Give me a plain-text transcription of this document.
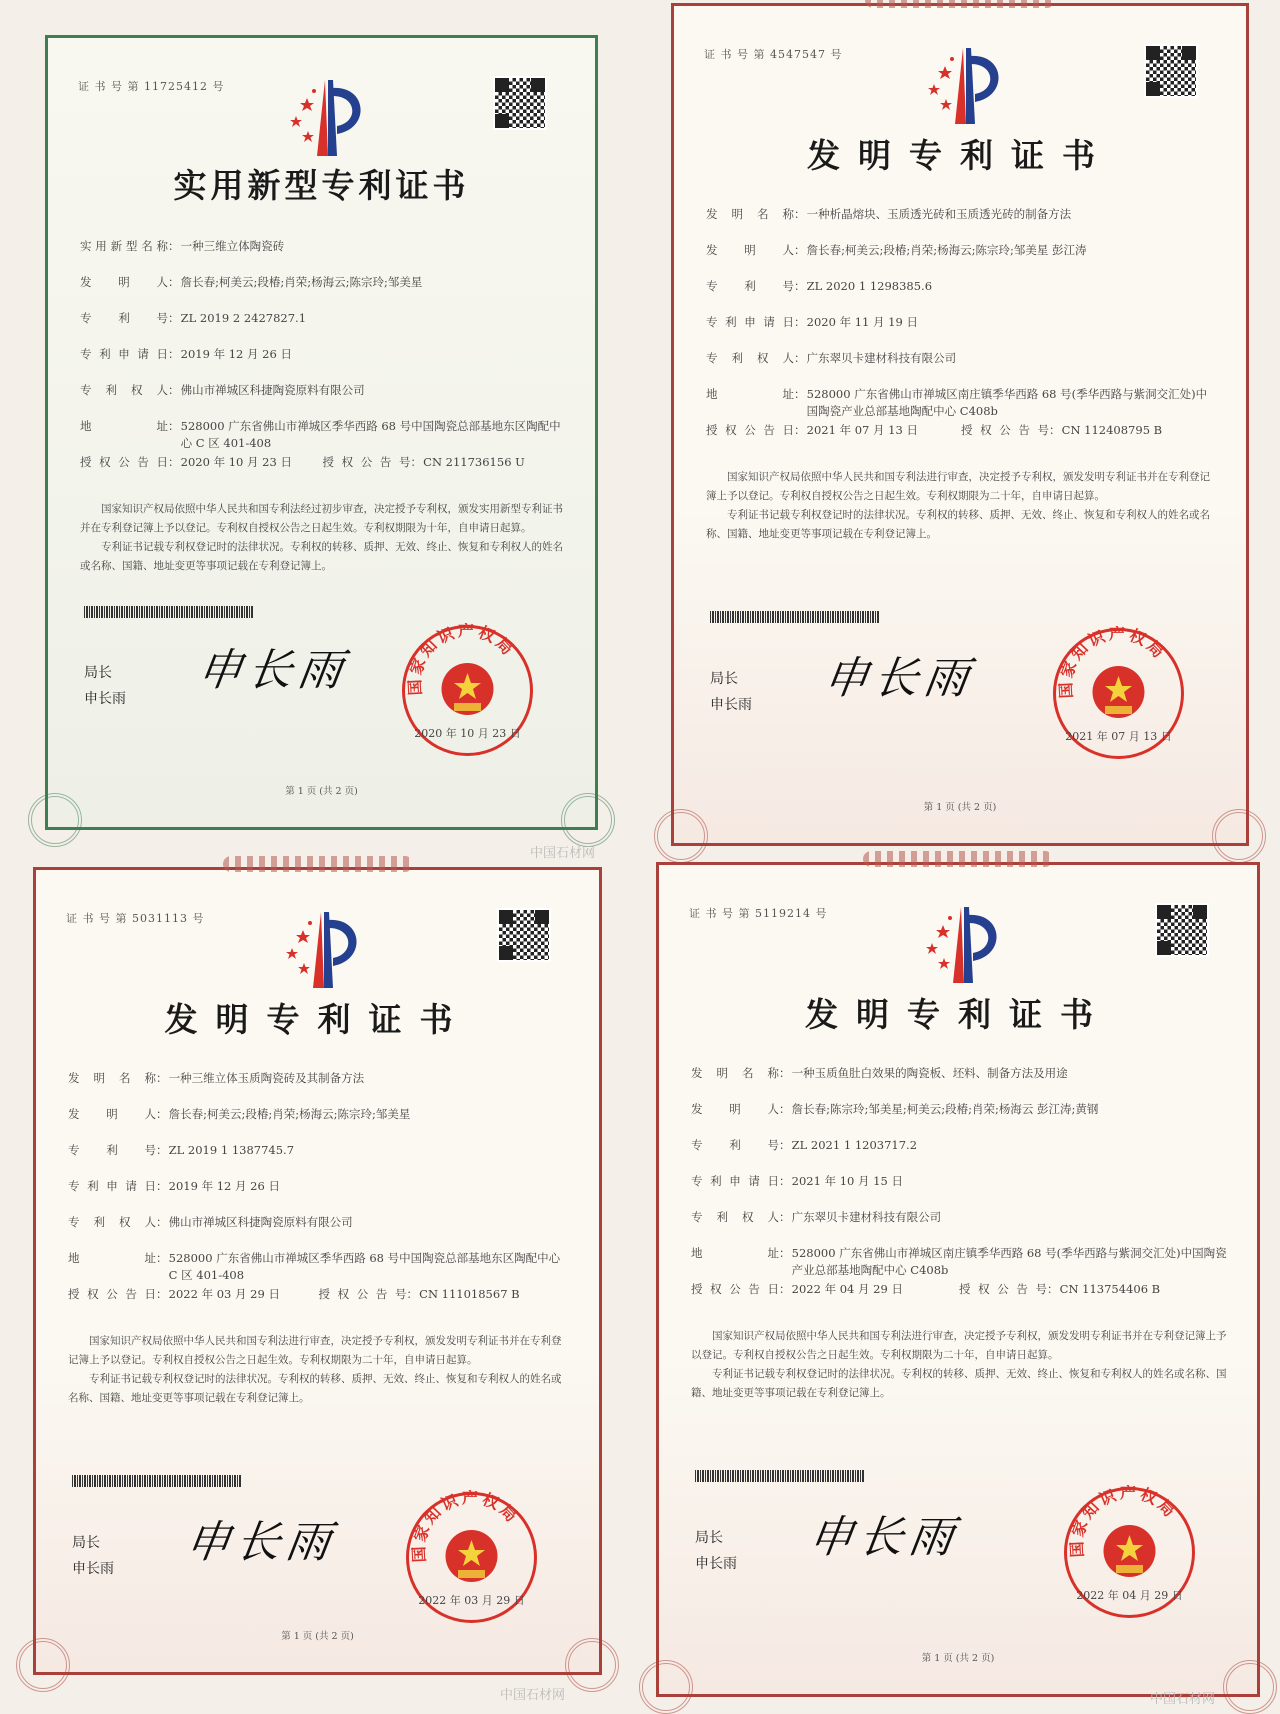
证 书 号 第 11725412 号
实用新型专利证书
实用新型名称 ： 一种三维立体陶瓷砖
发明人 ： 詹长春;柯美云;段椿;肖荣;杨海云;陈宗玲;邹美星
专利号 ： ZL 2019 2 2427827.1
专利申请日 ： 2019 年 12 月 26 日
专利权人 ： 佛山市禅城区科捷陶瓷原料有限公司
地址 ： 528000 广东省佛山市禅城区季华西路 68 号中国陶瓷总部基地东区陶配中心 C 区 401-408
授权公告日 ： 2020 年 10 月 23 日	授权公告号 ： CN 211736156 U

国家知识产权局依照中华人民共和国专利法经过初步审查，决定授予专利权，颁发实用新型专利证书并在专利登记簿上予以登记。专利权自授权公告之日起生效。专利权期限为十年，自申请日起算。

专利证书记载专利权登记时的法律状况。专利权的转移、质押、无效、终止、恢复和专利权人的姓名或名称、国籍、地址变更等事项记载在专利登记簿上。

局长
申长雨
申长雨	国家知识产权局
2020 年 10 月 23 日
第 1 页 (共 2 页)
证 书 号 第 4547547 号
发明专利证书
发明名称 ： 一种析晶熔块、玉质透光砖和玉质透光砖的制备方法
发明人 ： 詹长春;柯美云;段椿;肖荣;杨海云;陈宗玲;邹美星 彭江涛
专利号 ： ZL 2020 1 1298385.6
专利申请日 ： 2020 年 11 月 19 日
专利权人 ： 广东翠贝卡建材科技有限公司
地址 ： 528000 广东省佛山市禅城区南庄镇季华西路 68 号(季华西路与紫洞交汇处)中国陶瓷产业总部基地陶配中心 C408b
授权公告日 ： 2021 年 07 月 13 日	授权公告号 ： CN 112408795 B

国家知识产权局依照中华人民共和国专利法进行审查，决定授予专利权，颁发发明专利证书并在专利登记簿上予以登记。专利权自授权公告之日起生效。专利权期限为二十年，自申请日起算。

专利证书记载专利权登记时的法律状况。专利权的转移、质押、无效、终止、恢复和专利权人的姓名或名称、国籍、地址变更等事项记载在专利登记簿上。

局长
申长雨
申长雨	国家知识产权局
2021 年 07 月 13 日
第 1 页 (共 2 页)
证 书 号 第 5031113 号
发明专利证书
发明名称 ： 一种三维立体玉质陶瓷砖及其制备方法
发明人 ： 詹长春;柯美云;段椿;肖荣;杨海云;陈宗玲;邹美星
专利号 ： ZL 2019 1 1387745.7
专利申请日 ： 2019 年 12 月 26 日
专利权人 ： 佛山市禅城区科捷陶瓷原料有限公司
地址 ： 528000 广东省佛山市禅城区季华西路 68 号中国陶瓷总部基地东区陶配中心 C 区 401-408
授权公告日 ： 2022 年 03 月 29 日	授权公告号 ： CN 111018567 B

国家知识产权局依照中华人民共和国专利法进行审查，决定授予专利权，颁发发明专利证书并在专利登记簿上予以登记。专利权自授权公告之日起生效。专利权期限为二十年，自申请日起算。

专利证书记载专利权登记时的法律状况。专利权的转移、质押、无效、终止、恢复和专利权人的姓名或名称、国籍、地址变更等事项记载在专利登记簿上。

局长
申长雨
申长雨	国家知识产权局
2022 年 03 月 29 日
第 1 页 (共 2 页)
证 书 号 第 5119214 号
发明专利证书
发明名称 ： 一种玉质鱼肚白效果的陶瓷板、坯料、制备方法及用途
发明人 ： 詹长春;陈宗玲;邹美星;柯美云;段椿;肖荣;杨海云 彭江涛;黄钢
专利号 ： ZL 2021 1 1203717.2
专利申请日 ： 2021 年 10 月 15 日
专利权人 ： 广东翠贝卡建材科技有限公司
地址 ： 528000 广东省佛山市禅城区南庄镇季华西路 68 号(季华西路与紫洞交汇处)中国陶瓷产业总部基地陶配中心 C408b
授权公告日 ： 2022 年 04 月 29 日	授权公告号 ： CN 113754406 B

国家知识产权局依照中华人民共和国专利法进行审查，决定授予专利权，颁发发明专利证书并在专利登记簿上予以登记。专利权自授权公告之日起生效。专利权期限为二十年，自申请日起算。

专利证书记载专利权登记时的法律状况。专利权的转移、质押、无效、终止、恢复和专利权人的姓名或名称、国籍、地址变更等事项记载在专利登记簿上。

局长
申长雨
申长雨	国家知识产权局
2022 年 04 月 29 日
第 1 页 (共 2 页)
中国石材网
中国石材网	中国石材网
